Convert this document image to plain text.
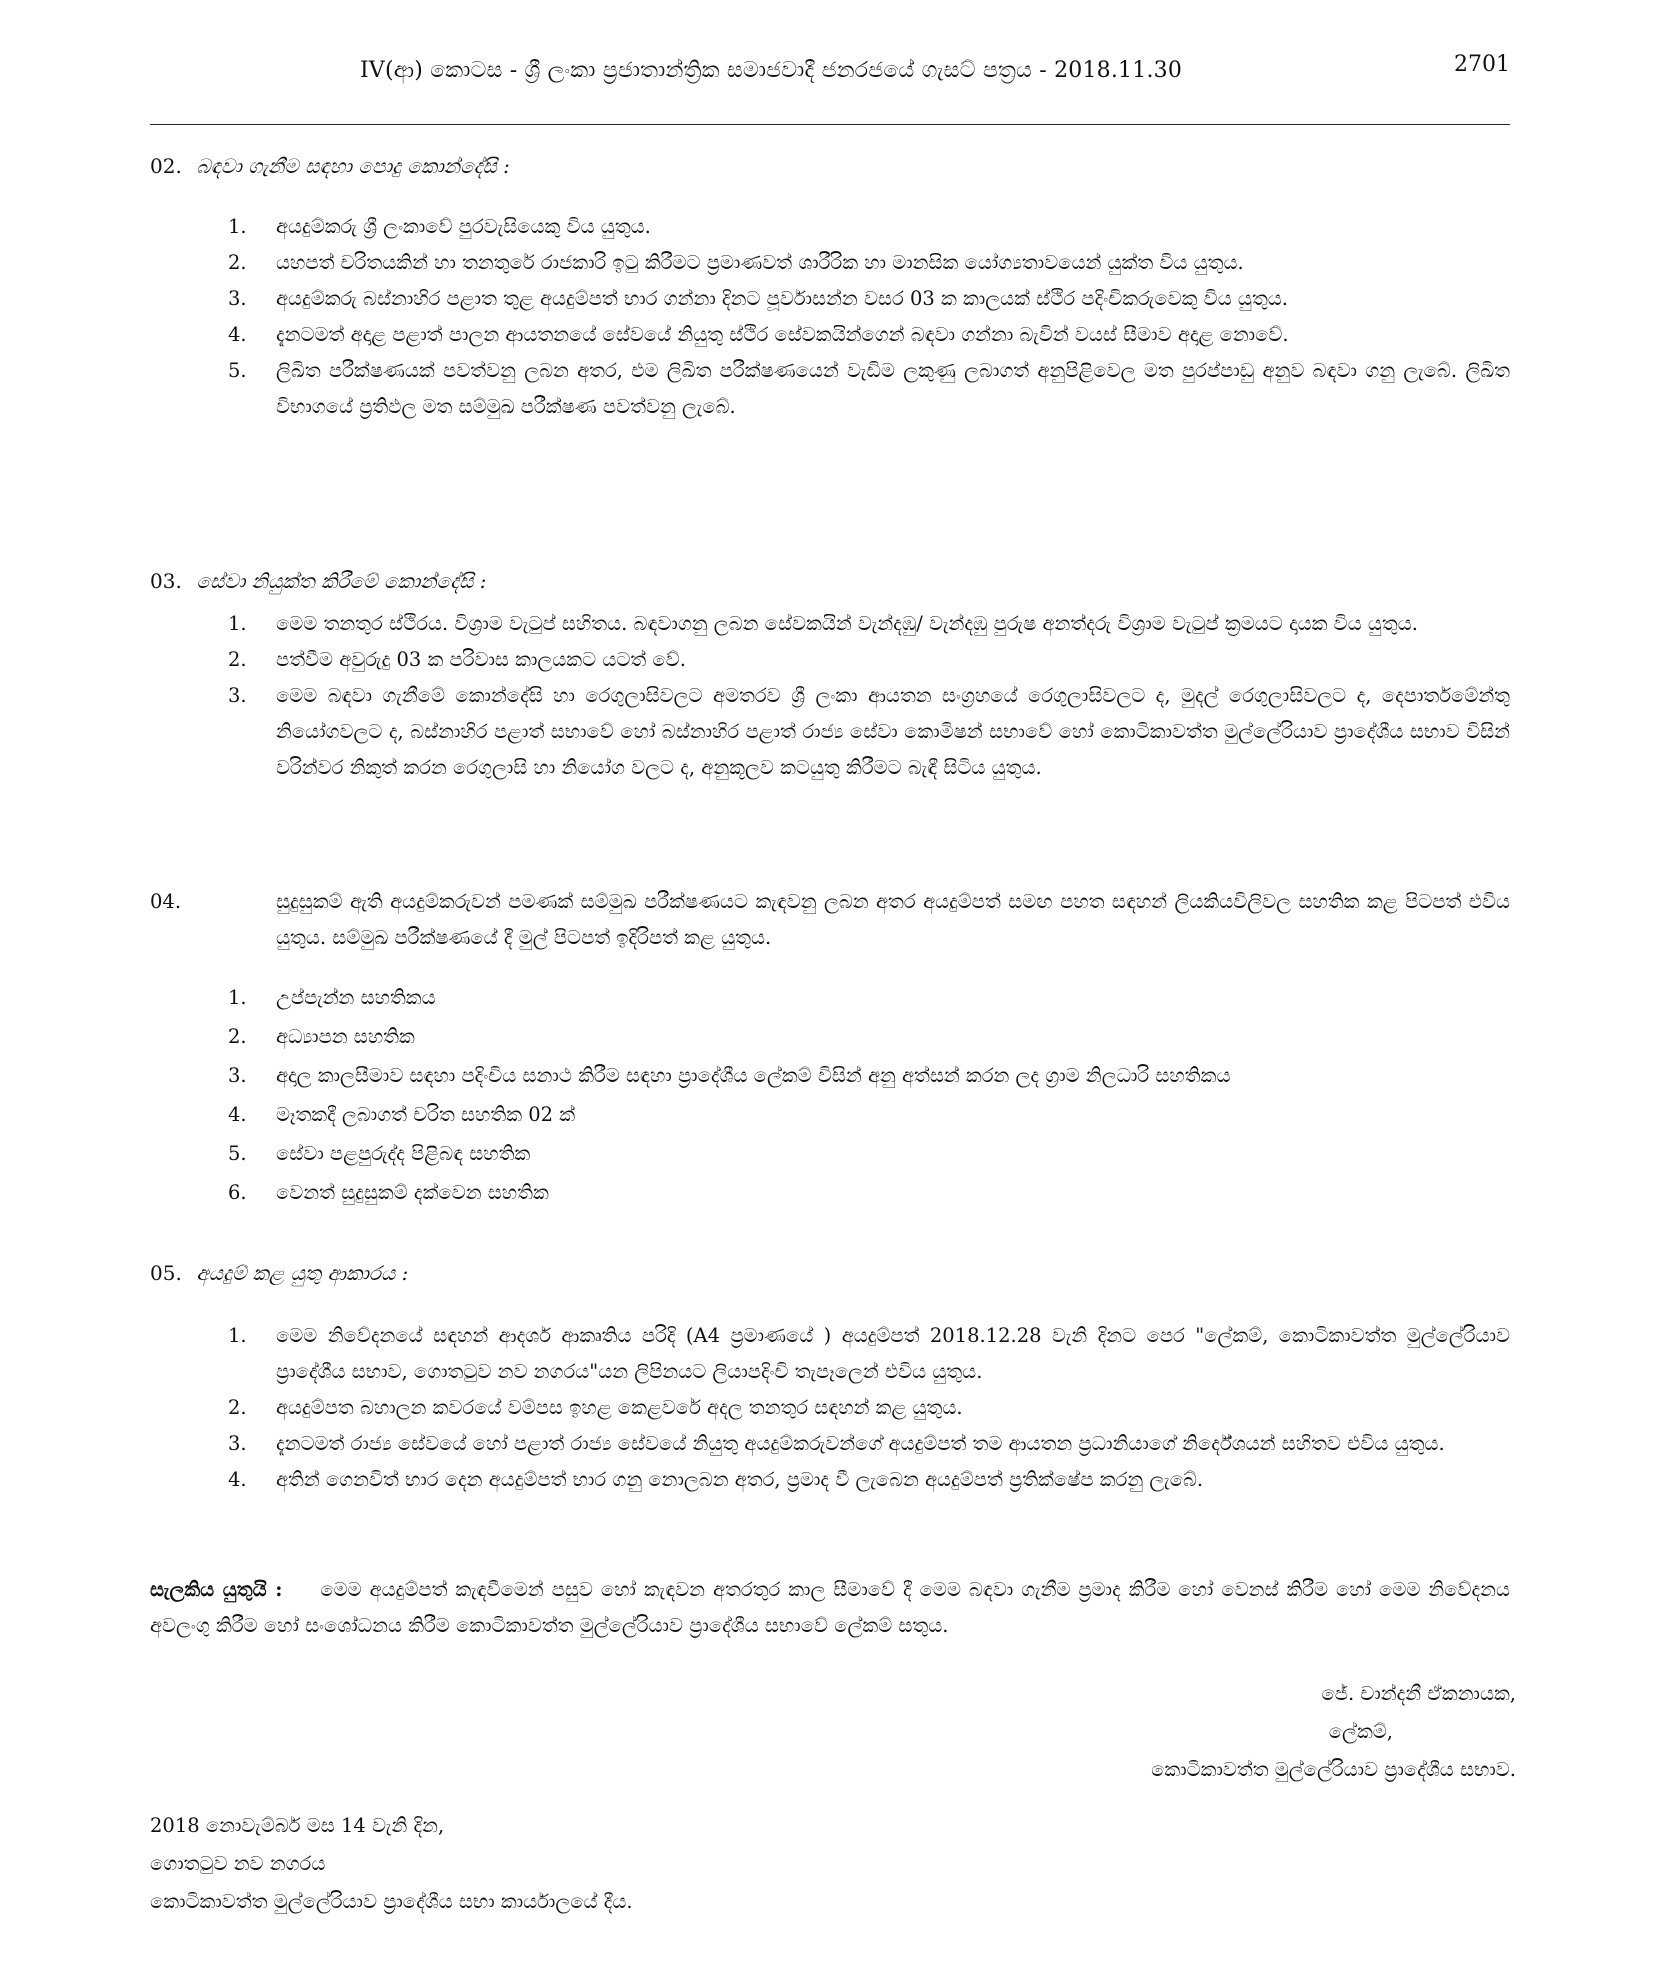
IV(ආ) කොටස - ශ්‍රී ලංකා ප්‍රජාතාන්ත්‍රික සමාජවාදී ජනරජයේ ගැසට් පත්‍රය - 2018.11.30	2701
02. බඳවා ගැනීම සඳහා පොදු කොන්දේසි :
1. අයදුම්කරු ශ්‍රී ලංකාවේ පුරවැසියෙකු විය යුතුය.
2. යහපත් චරිතයකින් හා තනතුරේ රාජකාරි ඉටු කිරීමට ප්‍රමාණවත් ශාරීරික හා මානසික යෝග්‍යතාවයෙන් යුක්ත විය යුතුය.
3. අයදුම්කරු බස්නාහිර පළාත තුළ අයදුම්පත් භාර ගන්නා දිනට පූර්වාසන්න වසර 03 ක කාලයක් ස්ථිර පදිංචිකරුවෙකු විය යුතුය.
4. දැනටමත් අදාළ පළාත් පාලන ආයතනයේ සේවයේ නියුතු ස්ථිර සේවකයින්ගෙන් බඳවා ගන්නා බැවින් වයස් සීමාව අදාළ නොවේ.
5. ලිඛිත පරීක්ෂණයක් පවත්වනු ලබන අතර, එම ලිඛිත පරීක්ෂණයෙන් වැඩිම ලකුණු ලබාගත් අනුපිළිවෙල මත පුරප්පාඩු අනුව බඳවා ගනු ලැබේ. ලිඛිත විභාගයේ ප්‍රතිඵල මත සම්මුඛ පරීක්ෂණ පවත්වනු ලැබේ.
03. සේවා නියුක්ත කිරීමේ කොන්දේසි :
1. මෙම තනතුර ස්ථිරය. විශ්‍රාම වැටුප් සහිතය. බඳවාගනු ලබන සේවකයින් වැන්දඹු/ වැන්දඹු පුරුෂ අනත්දරු විශ්‍රාම වැටුප් ක්‍රමයට දායක විය යුතුය.
2. පත්වීම අවුරුදු 03 ක පරිවාස කාලයකට යටත් වේ.
3. මෙම බඳවා ගැනීමේ කොන්දේසි හා රෙගුලාසිවලට අමතරව ශ්‍රී ලංකා ආයතන සංග්‍රහයේ රෙගුලාසිවලට ද, මුදල් රෙගුලාසිවලට ද, දෙපාර්තමේන්තු නියෝගවලට ද, බස්නාහිර පළාත් සභාවේ හෝ බස්නාහිර පළාත් රාජ්‍ය සේවා කොමිෂන් සභාවේ හෝ කොටිකාවත්ත මුල්ලේරියාව ප්‍රාදේශීය සභාව විසින් වරින්වර නිකුත් කරන රෙගුලාසි හා නියෝග වලට ද, අනුකූලව කටයුතු කිරීමට බැඳී සිටිය යුතුය.
04.	සුදුසුකම් ඇති අයදුම්කරුවන් පමණක් සම්මුඛ පරීක්ෂණයට කැඳවනු ලබන අතර අයදුම්පත් සමඟ පහත සඳහන් ලියකියවිලිවල සහතික කළ පිටපත් එවිය යුතුය. සම්මුඛ පරීක්ෂණයේ දී මුල් පිටපත් ඉදිරිපත් කළ යුතුය.
1. උප්පැන්න සහතිකය
2. අධ්‍යාපන සහතික
3. අදාල කාලසීමාව සඳහා පදිංචිය සනාථ කිරීම සඳහා ප්‍රාදේශීය ලේකම් විසින් අනු අත්සන් කරන ලද ග්‍රාම නිලධාරි සහතිකය
4. මෑතකදී ලබාගත් චරිත සහතික 02 ක්
5. සේවා පළපුරුද්ද පිළිබඳ සහතික
6. වෙනත් සුදුසුකම් දක්වෙන සහතික
05. අයදුම් කළ යුතු ආකාරය :
1. මෙම නිවේදනයේ සඳහන් ආදර්ශ ආකෘතිය පරිදි (A4 ප්‍රමාණයේ ) අයදුම්පත් 2018.12.28 වැනි දිනට පෙර "ලේකම්, කොටිකාවත්ත මුල්ලේරියාව ප්‍රාදේශීය සභාව, ගොතටුව නව නගරය"යන ලිපිනයට ලියාපදිංචි තැපෑලෙන් එවිය යුතුය.
2. අයදුම්පත බහාලන කවරයේ වම්පස ඉහළ කෙළවරේ අදල තනතුර සඳහන් කළ යුතුය.
3. දැනටමත් රාජ්‍ය සේවයේ හෝ පළාත් රාජ්‍ය සේවයේ නියුතු අයදුම්කරුවන්ගේ අයදුම්පත් තම ආයතන ප්‍රධානියාගේ නිර්දේශයන් සහිතව එවිය යුතුය.
4. අතින් ගෙනවිත් භාර දෙන අයදුම්පත් භාර ගනු නොලබන අතර, ප්‍රමාද වී ලැබෙන අයදුම්පත් ප්‍රතික්ෂේප කරනු ලැබේ.
සැලකිය යුතුයි : මෙම අයදුම්පත් කැඳවීමෙන් පසුව හෝ කැඳවන අතරතුර කාල සීමාවේ දී මෙම බඳවා ගැනීම ප්‍රමාද කිරීම හෝ වෙනස් කිරීම හෝ මෙම නිවේදනය අවලංගු කිරීම හෝ සංශෝධනය කිරීම කොටිකාවත්ත මුල්ලේරියාව ප්‍රාදේශීය සභාවේ ලේකම් සතුය.
ජේ. චාන්දනී ඒකනායක,
ලේකම්,
කොටිකාවත්ත මුල්ලේරියාව ප්‍රාදේශීය සභාව.
2018 නොවැම්බර් මස 14 වැනි දින,
ගොතටුව නව නගරය
කොටිකාවත්ත මුල්ලේරියාව ප්‍රාදේශීය සභා කාර්යාලයේ දීය.
